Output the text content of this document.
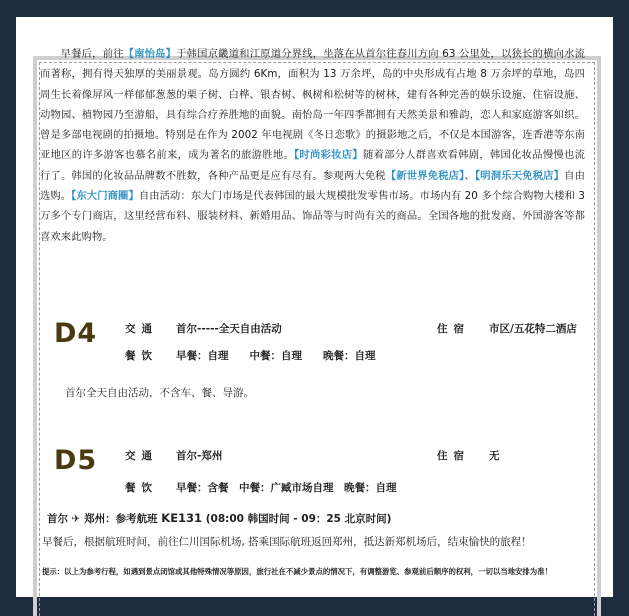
早餐后，前往【南怡岛】于韩国京畿道和江原道分界线，坐落在从首尔往春川方向 63 公里处，以狭长的横向水流而著称，拥有得天独厚的美丽景观。岛方圆约 6Km，面积为 13 万余坪，岛的中央形成有占地 8 万余坪的草地，岛四周生长着像屏风一样郁郁葱葱的栗子树、白桦、银杏树、枫树和松树等的树林，建有各种完善的娱乐设施、住宿设施、动物园、植物园乃至游船，具有综合疗养胜地的面貌。南怡岛一年四季都拥有天然美景和雅韵，恋人和家庭游客如织。曾是多部电视剧的拍摄地。特别是在作为 2002 年电视剧《冬日恋歌》的摄影地之后，不仅是本国游客，连香港等东南亚地区的许多游客也慕名前来，成为著名的旅游胜地。【时尚彩妆店】随着部分人群喜欢看韩剧，韩国化妆品慢慢也流行了。韩国的化妆品品牌数不胜数，各种产品更是应有尽有。参观两大免税【新世界免税店】、【明洞乐天免税店】自由选购。【东大门商圈】自由活动：东大门市场是代表韩国的最大规模批发零售市场。市场内有 20 多个综合购物大楼和 3 万多个专门商店，这里经营布料、服装材料、新婚用品、饰品等与时尚有关的商品。全国各地的批发商、外国游客等都喜欢来此购物。

D4	交通 首尔-----全天自由活动	住宿 市区/五花特二酒店
餐饮 早餐：自理　　中餐：自理　　晚餐：自理
首尔全天自由活动，不含车、餐、导游。
D5	交通 首尔-郑州	住宿 无
餐饮 早餐：含餐　中餐：广臧市场自理　晚餐：自理
首尔 ✈ 郑州：参考航班 KE131 (08:00 韩国时间 - 09：25 北京时间)
早餐后，根据航班时间，前往仁川国际机场, 搭乘国际航班返回郑州，抵达新郑机场后，结束愉快的旅程！
提示：以上为参考行程，如遇到景点闭馆或其他特殊情况等原因，旅行社在不减少景点的情况下，有调整游览、参观前后顺序的权利，一切以当地安排为准！
